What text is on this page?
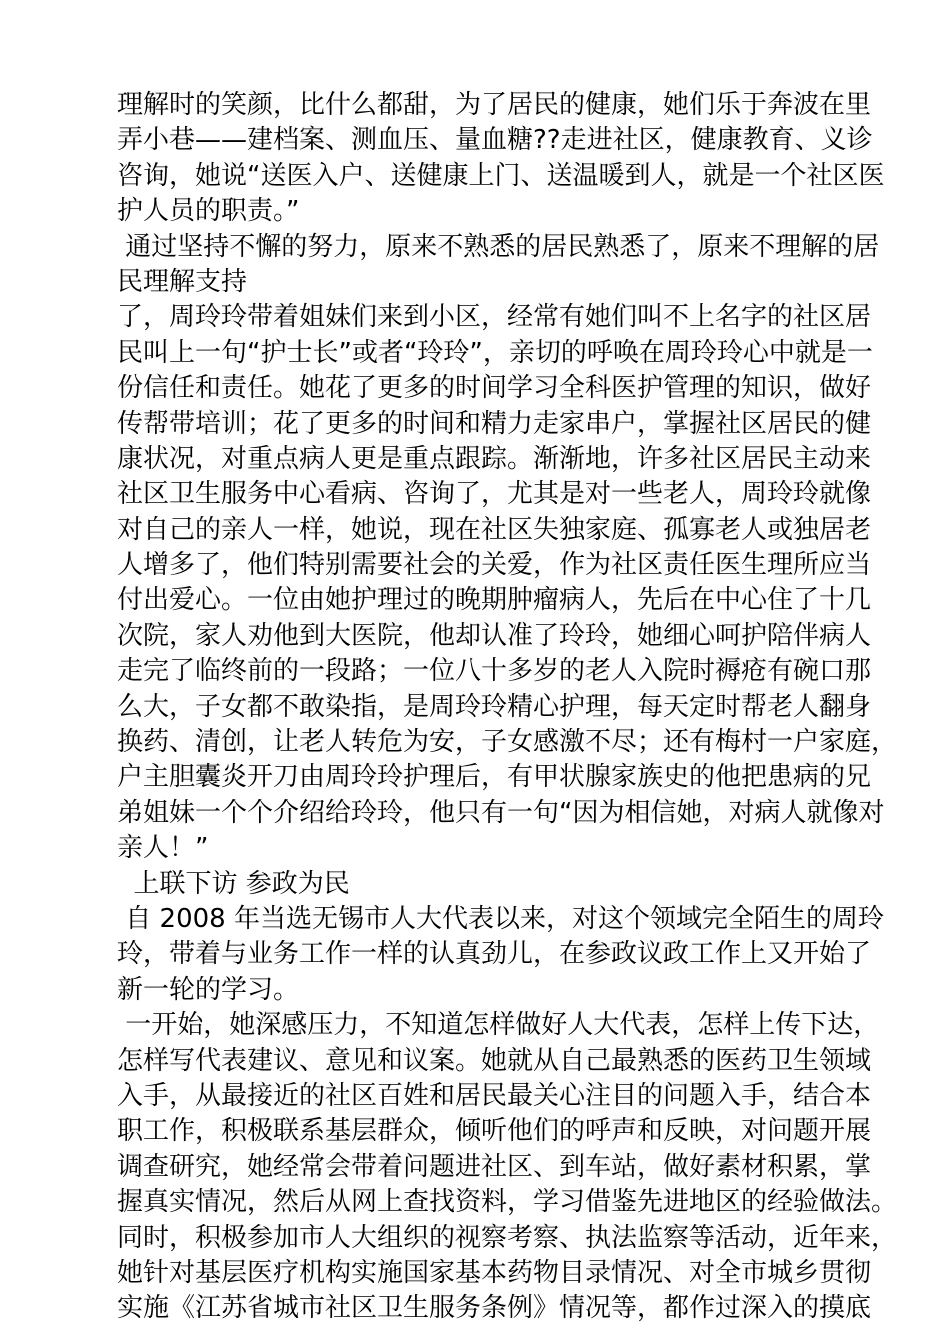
理解时的笑颜，比什么都甜，为了居民的健康，她们乐于奔波在里
弄小巷——建档案、测血压、量血糖??走进社区，健康教育、义诊
咨询，她说“送医入户、送健康上门、送温暖到人，就是一个社区医
护人员的职责。”
通过坚持不懈的努力，原来不熟悉的居民熟悉了，原来不理解的居
民理解支持
了，周玲玲带着姐妹们来到小区，经常有她们叫不上名字的社区居
民叫上一句“护士长”或者“玲玲”，亲切的呼唤在周玲玲心中就是一
份信任和责任。她花了更多的时间学习全科医护管理的知识，做好
传帮带培训；花了更多的时间和精力走家串户，掌握社区居民的健
康状况，对重点病人更是重点跟踪。渐渐地，许多社区居民主动来
社区卫生服务中心看病、咨询了，尤其是对一些老人，周玲玲就像
对自己的亲人一样，她说，现在社区失独家庭、孤寡老人或独居老
人增多了，他们特别需要社会的关爱，作为社区责任医生理所应当
付出爱心。一位由她护理过的晚期肿瘤病人，先后在中心住了十几
次院，家人劝他到大医院，他却认准了玲玲，她细心呵护陪伴病人
走完了临终前的一段路；一位八十多岁的老人入院时褥疮有碗口那
么大，子女都不敢染指，是周玲玲精心护理，每天定时帮老人翻身
换药、清创，让老人转危为安，子女感激不尽；还有梅村一户家庭，
户主胆囊炎开刀由周玲玲护理后，有甲状腺家族史的他把患病的兄
弟姐妹一个个介绍给玲玲，他只有一句“因为相信她，对病人就像对
亲人！”
上联下访 参政为民
自 2008 年当选无锡市人大代表以来，对这个领域完全陌生的周玲
玲，带着与业务工作一样的认真劲儿，在参政议政工作上又开始了
新一轮的学习。
一开始，她深感压力，不知道怎样做好人大代表，怎样上传下达，
怎样写代表建议、意见和议案。她就从自己最熟悉的医药卫生领域
入手，从最接近的社区百姓和居民最关心注目的问题入手，结合本
职工作，积极联系基层群众，倾听他们的呼声和反映，对问题开展
调查研究，她经常会带着问题进社区、到车站，做好素材积累，掌
握真实情况，然后从网上查找资料，学习借鉴先进地区的经验做法。
同时，积极参加市人大组织的视察考察、执法监察等活动，近年来，
她针对基层医疗机构实施国家基本药物目录情况、对全市城乡贯彻
实施《江苏省城市社区卫生服务条例》情况等，都作过深入的摸底
